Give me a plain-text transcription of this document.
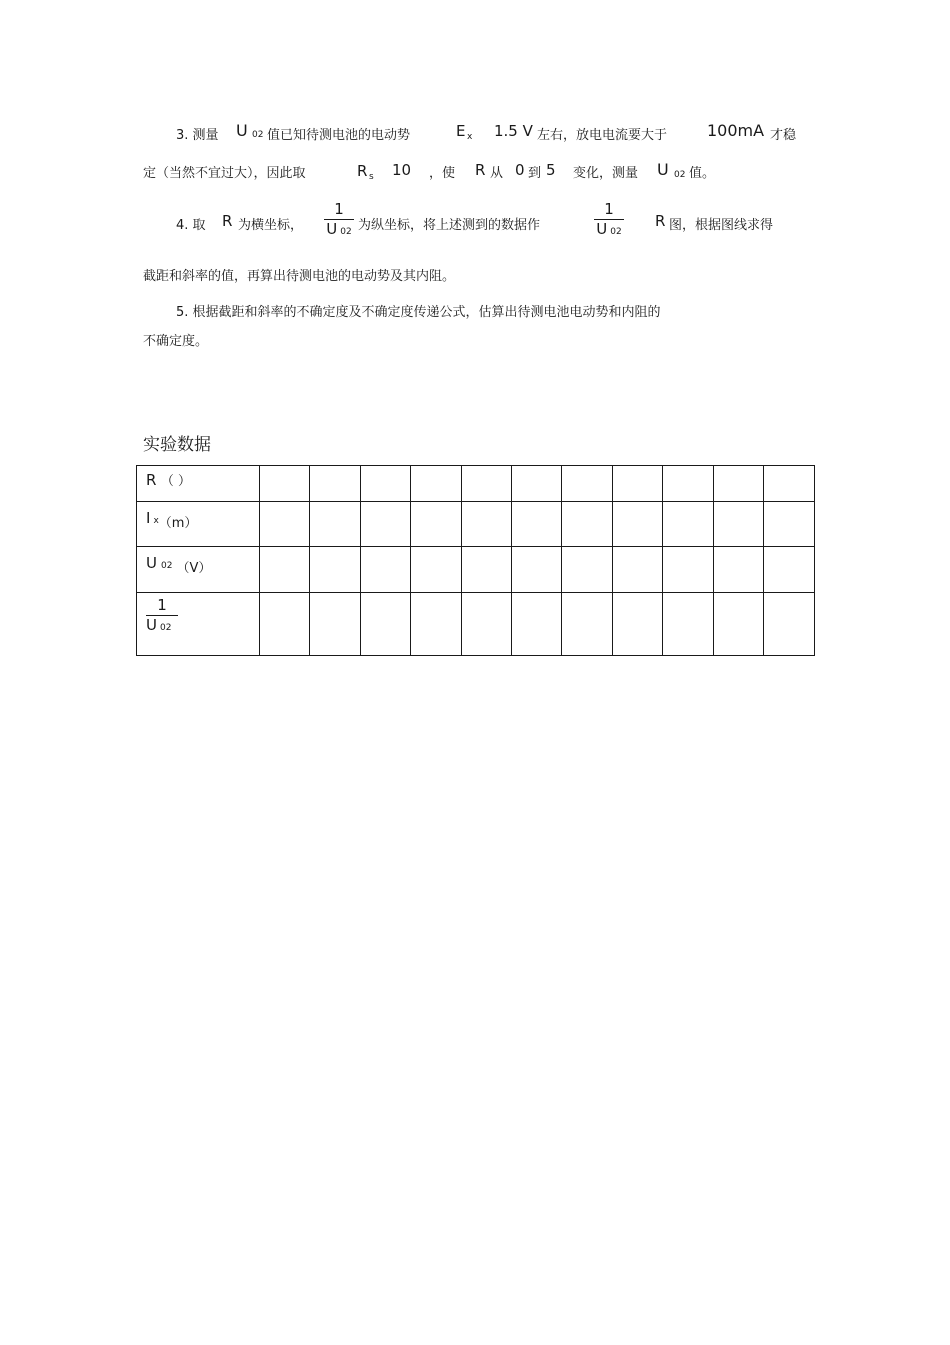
3. 测量 U 02 值已知待测电池的电动势	E x 1.5 V 左右，放电电流要大于 100mA 才稳
定（当然不宜过大），因此取	R s 10 ，使 R 从 0 到 5 变化，测量 U 02 值。
4. 取 R 为横坐标，
1
U 02 为纵坐标，将上述测到的数据作
1
U 02
R 图，根据图线求得
截距和斜率的值，再算出待测电池的电动势及其内阻。
5. 根据截距和斜率的不确定度及不确定度传递公式，估算出待测电池电动势和内阻的
不确定度。
实验数据
R （ ）											

Ix（m）											

U 02 （V）											

1
U 02											
